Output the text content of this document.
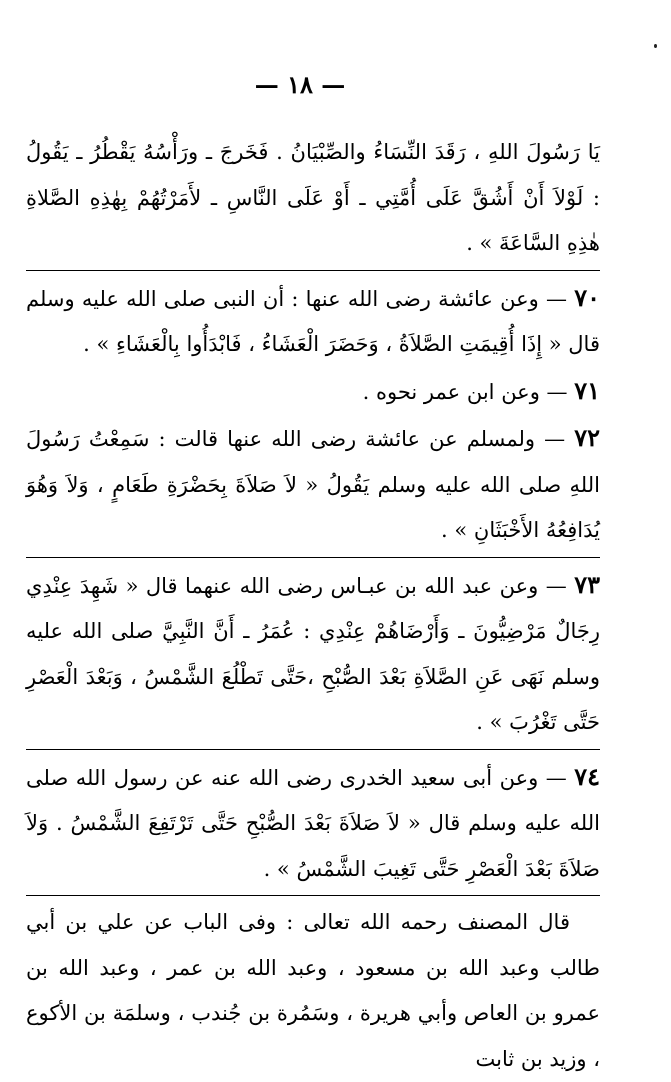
— ١٨ —

يَا رَسُولَ اللهِ ، رَقَدَ النِّسَاءُ والصِّبْيَانُ . فَخَرجَ ـ ورَأْسُهُ يَقْطُرُ ـ يَقُولُ : لَوْلاَ أَنْ أَشُقَّ عَلَى أُمَّتِي ـ أَوْ عَلَى النَّاسِ ـ لأَمَرْتُهُمْ بِهٰذِهِ الصَّلاةِ هٰذِهِ السَّاعَةَ » .

٧٠ — وعن عائشة رضى الله عنها : أن النبى صلى الله عليه وسلم قال « إِذَا أُقِيمَتِ الصَّلاَةُ ، وَحَضَرَ الْعَشَاءُ ، فَابْدَأُوا بِالْعَشَاءِ » .

٧١ — وعن ابن عمر نحوه .

٧٢ — ولمسلم عن عائشة رضى الله عنها قالت : سَمِعْتُ رَسُولَ اللهِ صلى الله عليه وسلم يَقُولُ « لاَ صَلاَةَ بِحَضْرَةِ طَعَامٍ ، وَلاَ وَهُوَ يُدَافِعُهُ الأَخْبَثَانِ » .

٧٣ — وعن عبد الله بن عبـاس رضى الله عنهما قال « شَهِدَ عِنْدِي رِجَالٌ مَرْضِيُّونَ ـ وَأَرْضَاهُمْ عِنْدِي : عُمَرُ ـ أَنَّ النَّبِيَّ صلى الله عليه وسلم نَهَى عَنِ الصَّلاَةِ بَعْدَ الصُّبْحِ ،حَتَّى تَطْلُعَ الشَّمْسُ ، وَبَعْدَ الْعَصْرِ حَتَّى تَغْرُبَ » .

٧٤ — وعن أبى سعيد الخدرى رضى الله عنه عن رسول الله صلى الله عليه وسلم قال « لاَ صَلاَةَ بَعْدَ الصُّبْحِ حَتَّى تَرْتَفِعَ الشَّمْسُ . وَلاَ صَلاَةَ بَعْدَ الْعَصْرِ حَتَّى تَغِيبَ الشَّمْسُ » .

قال المصنف رحمه الله تعالى : وفى الباب عن علي بن أبي طالب وعبد الله بن مسعود ، وعبد الله بن عمر ، وعبد الله بن عمرو بن العاص وأبي هريرة ، وسَمُرة بن جُندب ، وسلمَة بن الأكوع ، وزيد بن ثابت
